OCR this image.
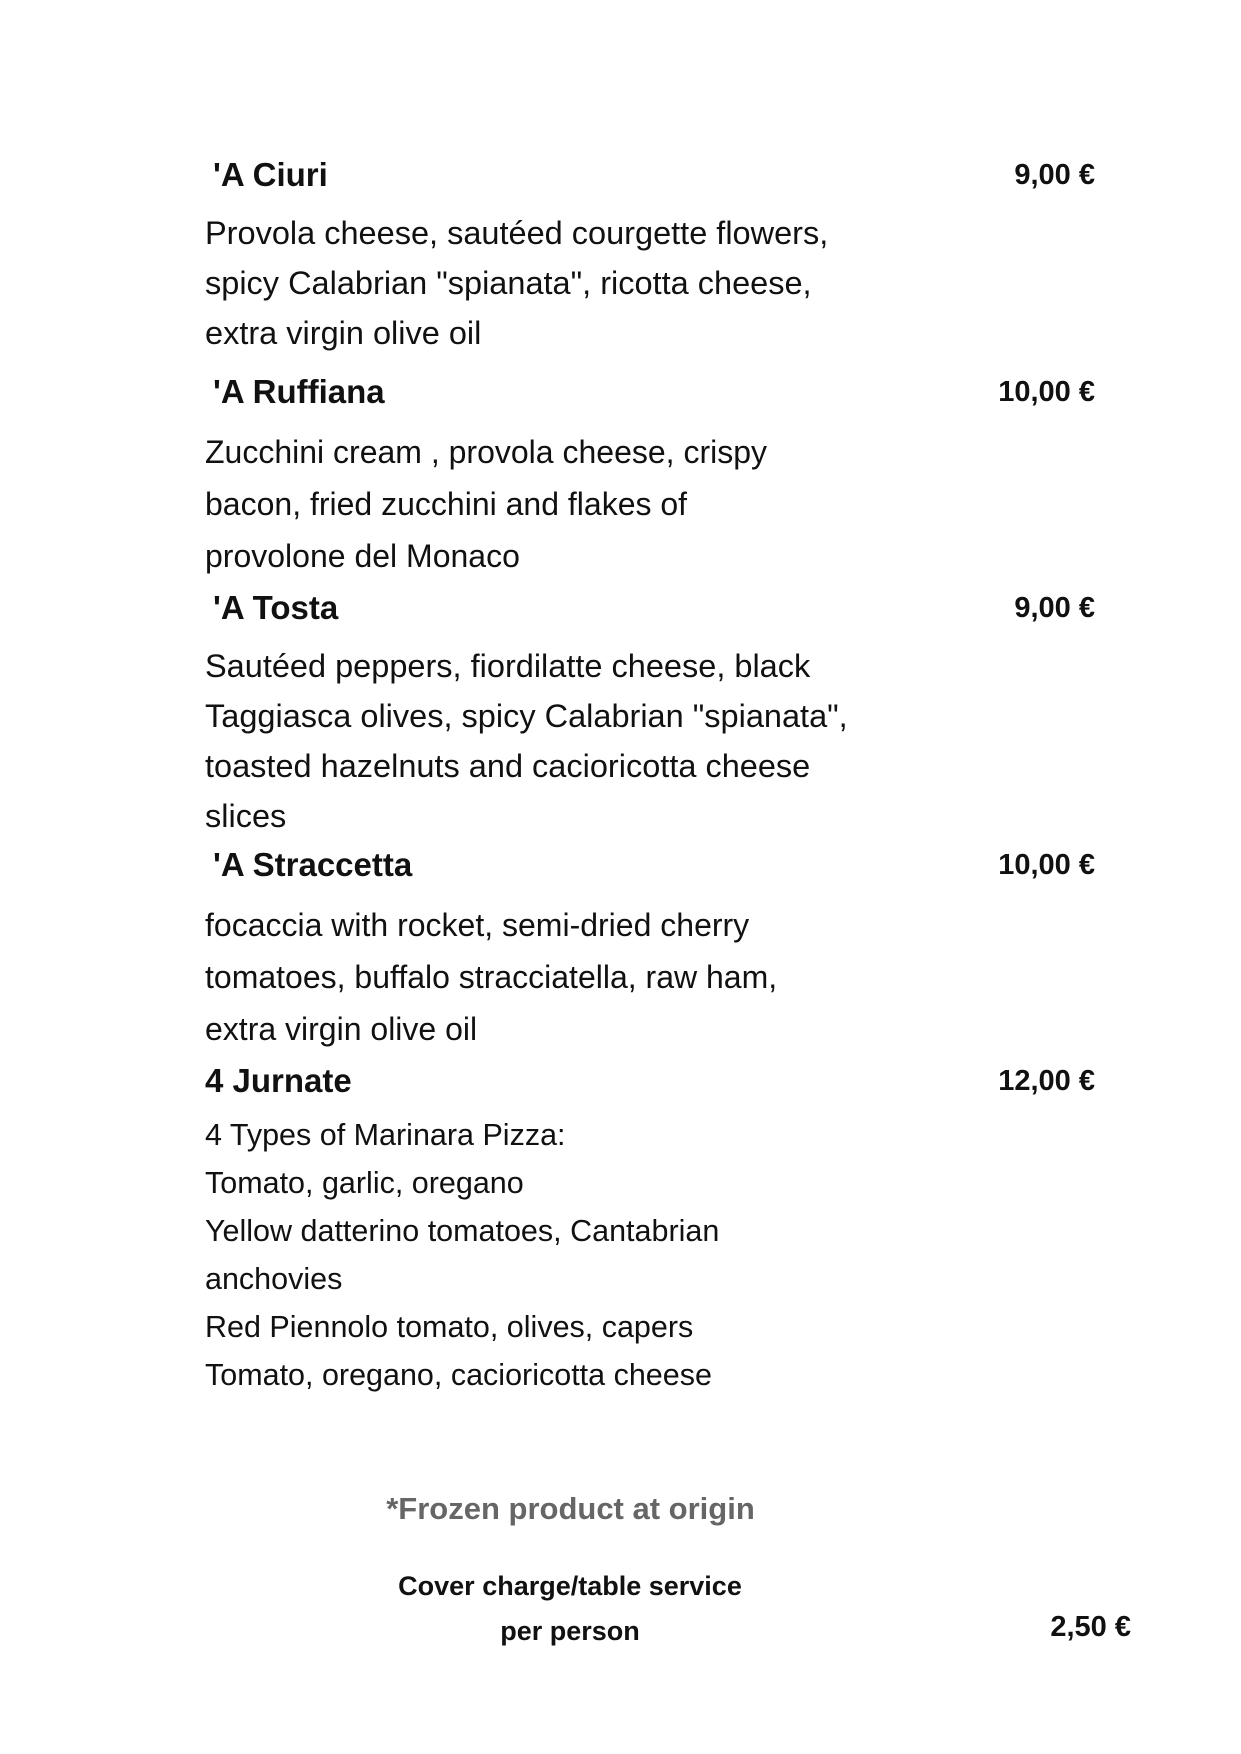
'A Ciuri	9,00 €
Provola cheese, sautéed courgette flowers,
spicy Calabrian "spianata", ricotta cheese,
extra virgin olive oil
'A Ruffiana	10,00 €
Zucchini cream , provola cheese, crispy
bacon, fried zucchini and flakes of
provolone del Monaco
'A Tosta	9,00 €
Sautéed peppers, fiordilatte cheese, black
Taggiasca olives, spicy Calabrian "spianata",
toasted hazelnuts and cacioricotta cheese
slices
'A Straccetta	10,00 €
focaccia with rocket, semi-dried cherry
tomatoes, buffalo stracciatella, raw ham,
extra virgin olive oil
4 Jurnate	12,00 €
4 Types of Marinara Pizza:
Tomato, garlic, oregano
Yellow datterino tomatoes, Cantabrian
anchovies
Red Piennolo tomato, olives, capers
Tomato, oregano, cacioricotta cheese
*Frozen product at origin
Cover charge/table service
per person	2,50 €
